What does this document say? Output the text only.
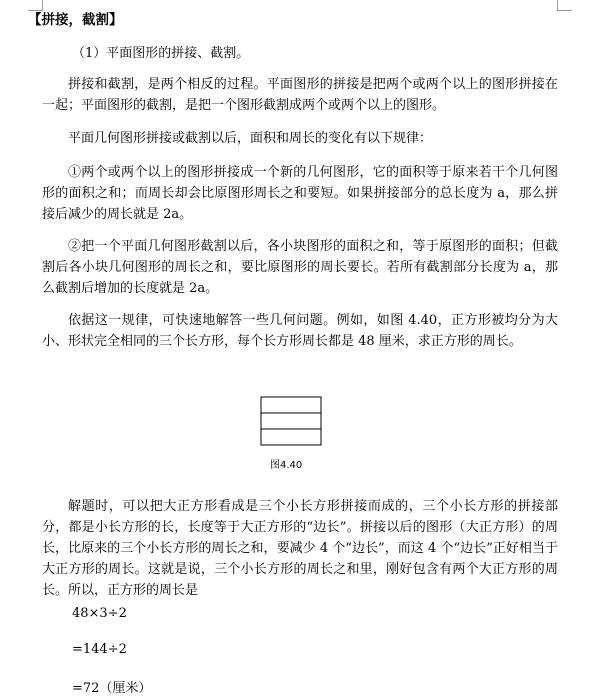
【拼接，截割】
（1）平面图形的拼接、截割。
拼接和截割，是两个相反的过程。平面图形的拼接是把两个或两个以上的图形拼接在一起；平面图形的截割，是把一个图形截割成两个或两个以上的图形。
平面几何图形拼接或截割以后，面积和周长的变化有以下规律：
①两个或两个以上的图形拼接成一个新的几何图形，它的面积等于原来若干个几何图形的面积之和；而周长却会比原图形周长之和要短。如果拼接部分的总长度为 a，那么拼接后减少的周长就是 2a。
②把一个平面几何图形截割以后，各小块图形的面积之和，等于原图形的面积；但截割后各小块几何图形的周长之和，要比原图形的周长要长。若所有截割部分长度为 a，那么截割后增加的长度就是 2a。
依据这一规律，可快速地解答一些几何问题。例如，如图 4.40，正方形被均分为大小、形状完全相同的三个长方形，每个长方形周长都是 48 厘米，求正方形的周长。
图4.40
解题时，可以把大正方形看成是三个小长方形拼接而成的，三个小长方形的拼接部分，都是小长方形的长，长度等于大正方形的“边长”。拼接以后的图形（大正方形）的周长，比原来的三个小长方形的周长之和，要减少 4 个“边长”，而这 4 个“边长”正好相当于大正方形的周长。这就是说，三个小长方形的周长之和里，刚好包含有两个大正方形的周长。所以，正方形的周长是
48×3÷2
=144÷2
=72（厘米）
